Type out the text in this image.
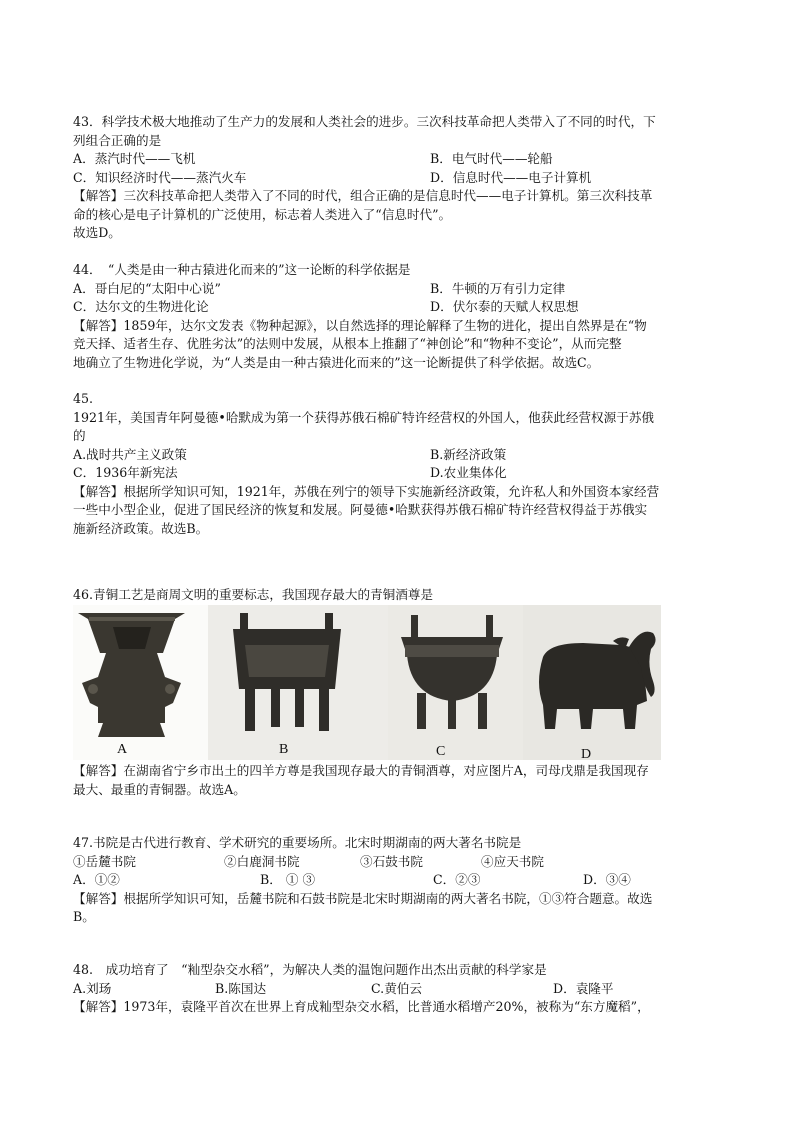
43．科学技术极大地推动了生产力的发展和人类社会的进步。三次科技革命把人类带入了不同的时代，下
列组合正确的是
A．蒸汽时代——飞机	B．电气时代——轮船
C．知识经济时代——蒸汽火车	D．信息时代——电子计算机
【解答】三次科技革命把人类带入了不同的时代，组合正确的是信息时代——电子计算机。第三次科技革
命的核心是电子计算机的广泛使用，标志着人类进入了“信息时代”。
故选D。
44．　“人类是由一种古猿进化而来的”这一论断的科学依据是
A．哥白尼的“太阳中心说”	B．牛顿的万有引力定律
C．达尔文的生物进化论	D．伏尔泰的天赋人权思想
【解答】1859年，达尔文发表《物种起源》，以自然选择的理论解释了生物的进化，提出自然界是在“物
竞天择、适者生存、优胜劣汰”的法则中发展，从根本上推翻了“神创论”和“物种不变论”，从而完整
地确立了生物进化学说，为“人类是由一种古猿进化而来的”这一论断提供了科学依据。故选C。
45.
1921年，美国青年阿曼德•哈默成为第一个获得苏俄石棉矿特许经营权的外国人，他获此经营权源于苏俄
的
A.战时共产主义政策	B.新经济政策
C．1936年新宪法	D.农业集体化
【解答】根据所学知识可知，1921年，苏俄在列宁的领导下实施新经济政策，允许私人和外国资本家经营
一些中小型企业，促进了国民经济的恢复和发展。阿曼德•哈默获得苏俄石棉矿特许经营权得益于苏俄实
施新经济政策。故选B。
46.青铜工艺是商周文明的重要标志，我国现存最大的青铜酒尊是
A	B	C	D
【解答】在湖南省宁乡市出土的四羊方尊是我国现存最大的青铜酒尊，对应图片A，司母戊鼎是我国现存
最大、最重的青铜器。故选A。
47.书院是古代进行教育、学术研究的重要场所。北宋时期湖南的两大著名书院是
①岳麓书院	②白鹿洞书院	③石鼓书院	④应天书院
A．①②	B． ① ③	C．②③	D．③④
【解答】根据所学知识可知，岳麓书院和石鼓书院是北宋时期湖南的两大著名书院，①③符合题意。故选
B。
48.　成功培育了　“籼型杂交水稻”，为解决人类的温饱问题作出杰出贡献的科学家是
A.刘玚	B.陈国达	C.黄伯云	D．袁隆平
【解答】1973年，袁隆平首次在世界上育成籼型杂交水稻，比普通水稻增产20%，被称为“东方魔稻”，
